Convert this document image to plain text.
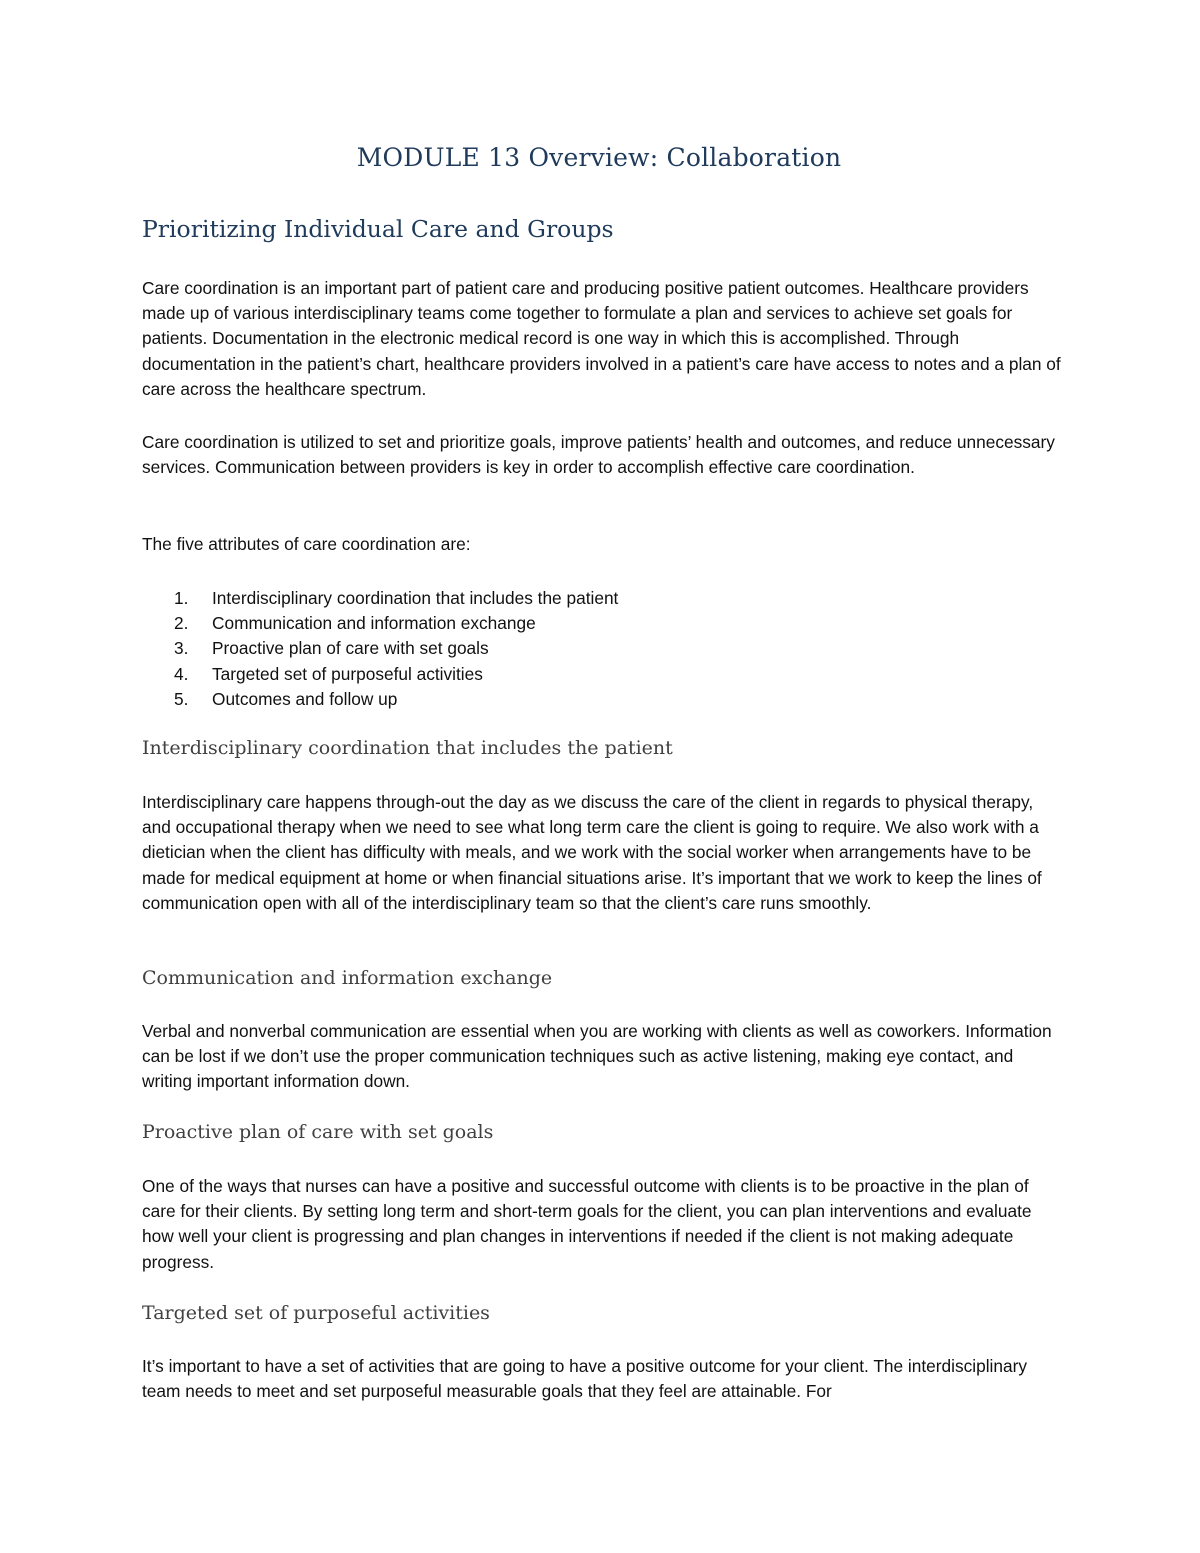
MODULE 13 Overview: Collaboration
Prioritizing Individual Care and Groups

Care coordination is an important part of patient care and producing positive patient outcomes. Healthcare providers made up of various interdisciplinary teams come together to formulate a plan and services to achieve set goals for patients. Documentation in the electronic medical record is one way in which this is accomplished. Through documentation in the patient’s chart, healthcare providers involved in a patient’s care have access to notes and a plan of care across the healthcare spectrum.

Care coordination is utilized to set and prioritize goals, improve patients’ health and outcomes, and reduce unnecessary services. Communication between providers is key in order to accomplish effective care coordination.

The five attributes of care coordination are:

1. Interdisciplinary coordination that includes the patient
2. Communication and information exchange
3. Proactive plan of care with set goals
4. Targeted set of purposeful activities
5. Outcomes and follow up
Interdisciplinary coordination that includes the patient

Interdisciplinary care happens through-out the day as we discuss the care of the client in regards to physical therapy, and occupational therapy when we need to see what long term care the client is going to require. We also work with a dietician when the client has difficulty with meals, and we work with the social worker when arrangements have to be made for medical equipment at home or when financial situations arise. It’s important that we work to keep the lines of communication open with all of the interdisciplinary team so that the client’s care runs smoothly.

Communication and information exchange

Verbal and nonverbal communication are essential when you are working with clients as well as coworkers. Information can be lost if we don’t use the proper communication techniques such as active listening, making eye contact, and writing important information down.

Proactive plan of care with set goals

One of the ways that nurses can have a positive and successful outcome with clients is to be proactive in the plan of care for their clients. By setting long term and short-term goals for the client, you can plan interventions and evaluate how well your client is progressing and plan changes in interventions if needed if the client is not making adequate progress.

Targeted set of purposeful activities

It’s important to have a set of activities that are going to have a positive outcome for your client. The interdisciplinary team needs to meet and set purposeful measurable goals that they feel are attainable. For
